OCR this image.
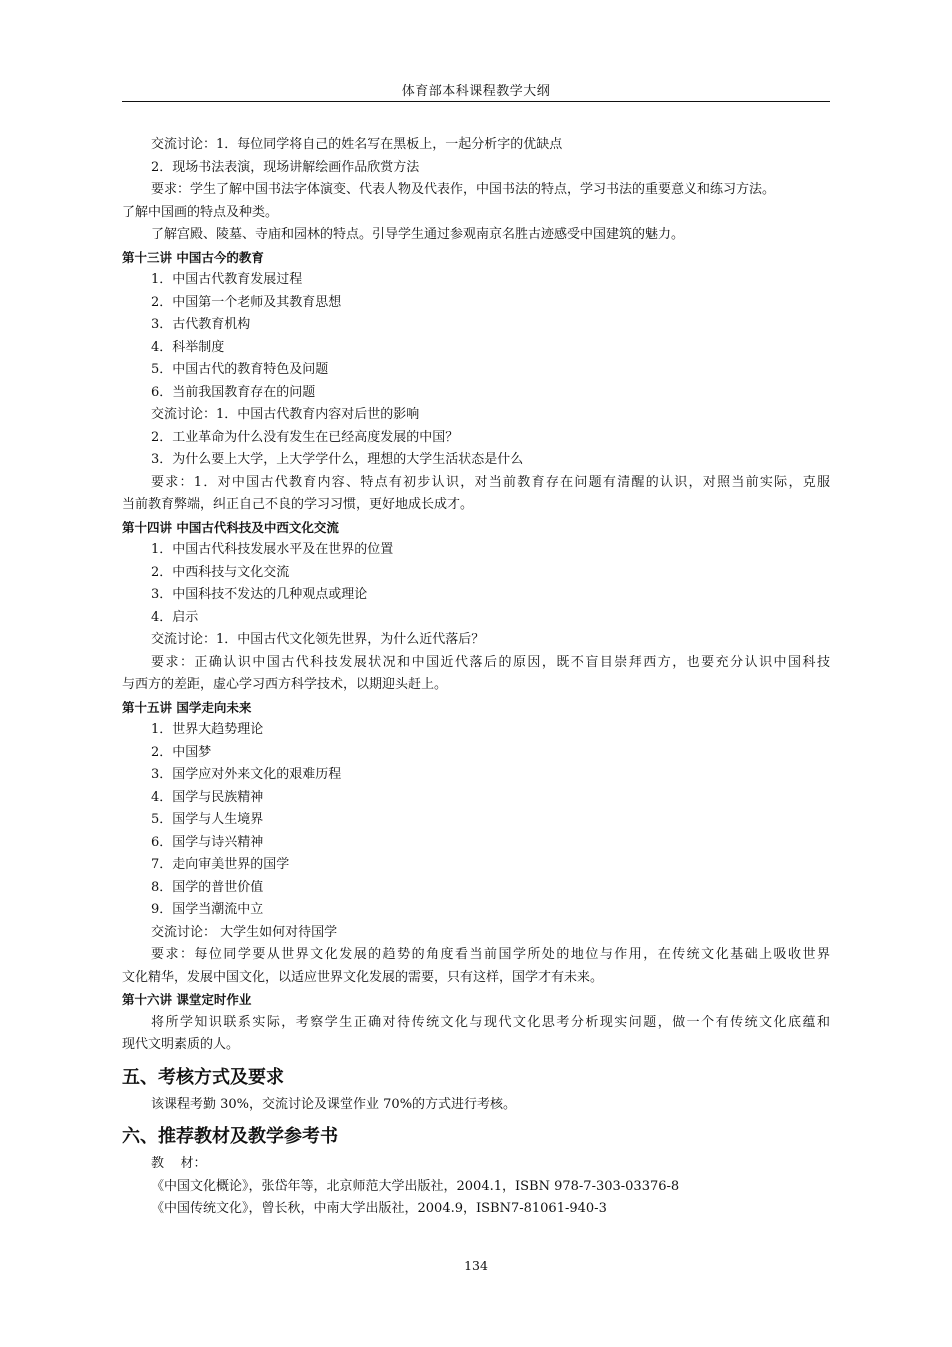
体育部本科课程教学大纲
交流讨论：1．每位同学将自己的姓名写在黑板上，一起分析字的优缺点
2．现场书法表演，现场讲解绘画作品欣赏方法
要求：学生了解中国书法字体演变、代表人物及代表作，中国书法的特点，学习书法的重要意义和练习方法。
了解中国画的特点及种类。
了解宫殿、陵墓、寺庙和园林的特点。引导学生通过参观南京名胜古迹感受中国建筑的魅力。
第十三讲 中国古今的教育
1．中国古代教育发展过程
2．中国第一个老师及其教育思想
3．古代教育机构
4．科举制度
5．中国古代的教育特色及问题
6．当前我国教育存在的问题
交流讨论：1．中国古代教育内容对后世的影响
2．工业革命为什么没有发生在已经高度发展的中国？
3．为什么要上大学，上大学学什么，理想的大学生活状态是什么
要求：1．对中国古代教育内容、特点有初步认识，对当前教育存在问题有清醒的认识，对照当前实际，克服
当前教育弊端，纠正自己不良的学习习惯，更好地成长成才。
第十四讲 中国古代科技及中西文化交流
1．中国古代科技发展水平及在世界的位置
2．中西科技与文化交流
3．中国科技不发达的几种观点或理论
4．启示
交流讨论：1．中国古代文化领先世界，为什么近代落后？
要求：正确认识中国古代科技发展状况和中国近代落后的原因，既不盲目崇拜西方，也要充分认识中国科技
与西方的差距，虚心学习西方科学技术，以期迎头赶上。
第十五讲 国学走向未来
1．世界大趋势理论
2．中国梦
3．国学应对外来文化的艰难历程
4．国学与民族精神
5．国学与人生境界
6．国学与诗兴精神
7．走向审美世界的国学
8．国学的普世价值
9．国学当潮流中立
交流讨论： 大学生如何对待国学
要求：每位同学要从世界文化发展的趋势的角度看当前国学所处的地位与作用，在传统文化基础上吸收世界
文化精华，发展中国文化，以适应世界文化发展的需要，只有这样，国学才有未来。
第十六讲 课堂定时作业
将所学知识联系实际，考察学生正确对待传统文化与现代文化思考分析现实问题，做一个有传统文化底蕴和
现代文明素质的人。
五、考核方式及要求
该课程考勤 30%，交流讨论及课堂作业 70%的方式进行考核。
六、推荐教材及教学参考书
教    材：
《中国文化概论》，张岱年等，北京师范大学出版社，2004.1，ISBN 978-7-303-03376-8
《中国传统文化》，曾长秋，中南大学出版社，2004.9，ISBN7-81061-940-3
134
